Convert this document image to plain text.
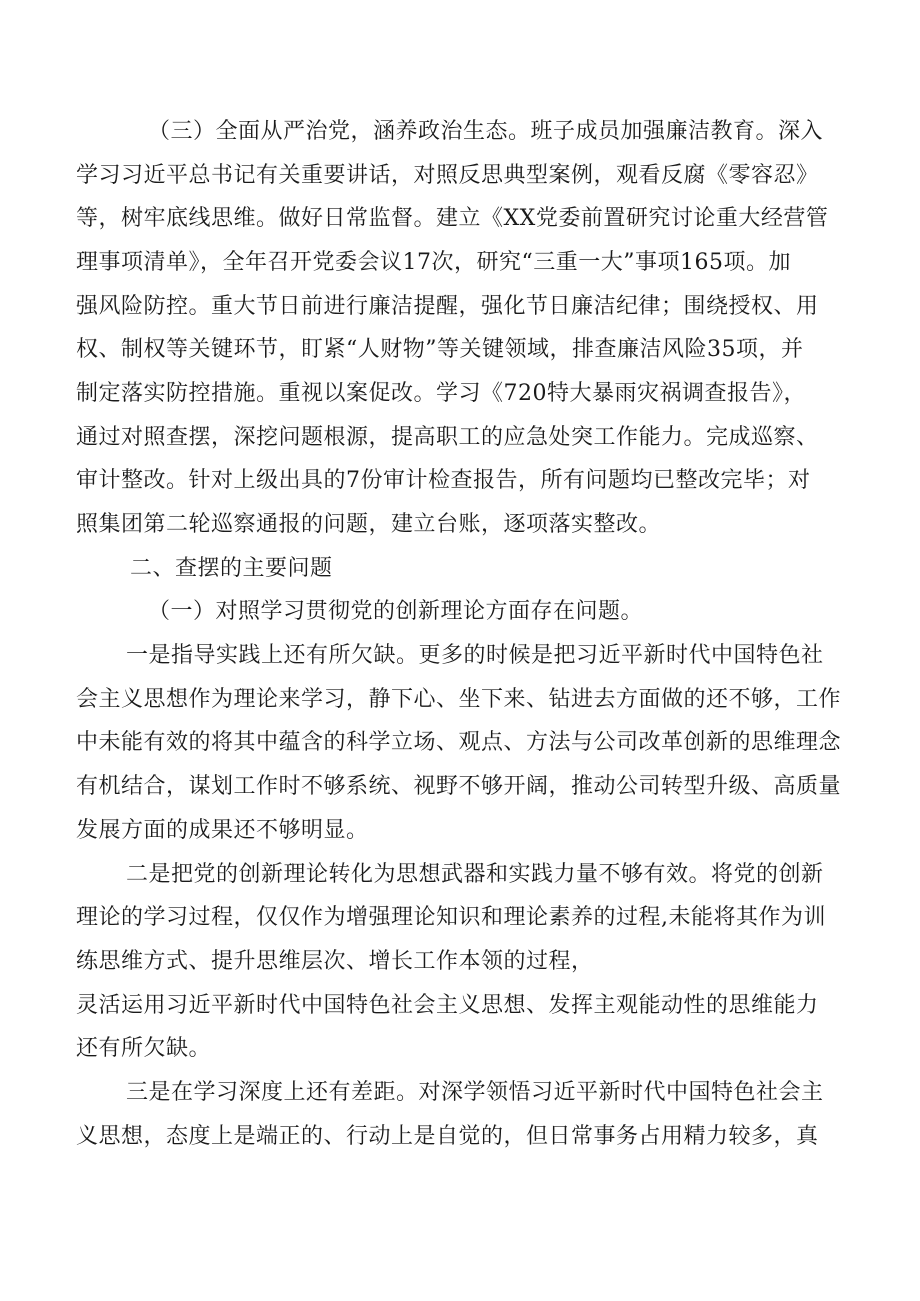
（三）全面从严治党，涵养政治生态。班子成员加强廉洁教育。深入
学习习近平总书记有关重要讲话，对照反思典型案例，观看反腐《零容忍》
等，树牢底线思维。做好日常监督。建立《XX党委前置研究讨论重大经营管
理事项清单》，全年召开党委会议17次，研究“三重一大”事项165项。加
强风险防控。重大节日前进行廉洁提醒，强化节日廉洁纪律；围绕授权、用
权、制权等关键环节，盯紧“人财物”等关键领域，排查廉洁风险35项，并
制定落实防控措施。重视以案促改。学习《720特大暴雨灾祸调查报告》，
通过对照查摆，深挖问题根源，提高职工的应急处突工作能力。完成巡察、
审计整改。针对上级出具的7份审计检查报告，所有问题均已整改完毕；对
照集团第二轮巡察通报的问题，建立台账，逐项落实整改。
二、查摆的主要问题
（一）对照学习贯彻党的创新理论方面存在问题。
一是指导实践上还有所欠缺。更多的时候是把习近平新时代中国特色社
会主义思想作为理论来学习，静下心、坐下来、钻进去方面做的还不够，工作
中未能有效的将其中蕴含的科学立场、观点、方法与公司改革创新的思维理念
有机结合，谋划工作时不够系统、视野不够开阔，推动公司转型升级、高质量
发展方面的成果还不够明显。
二是把党的创新理论转化为思想武器和实践力量不够有效。将党的创新
理论的学习过程，仅仅作为增强理论知识和理论素养的过程,未能将其作为训
练思维方式、提升思维层次、增长工作本领的过程，
灵活运用习近平新时代中国特色社会主义思想、发挥主观能动性的思维能力
还有所欠缺。
三是在学习深度上还有差距。对深学领悟习近平新时代中国特色社会主
义思想，态度上是端正的、行动上是自觉的，但日常事务占用精力较多，真
